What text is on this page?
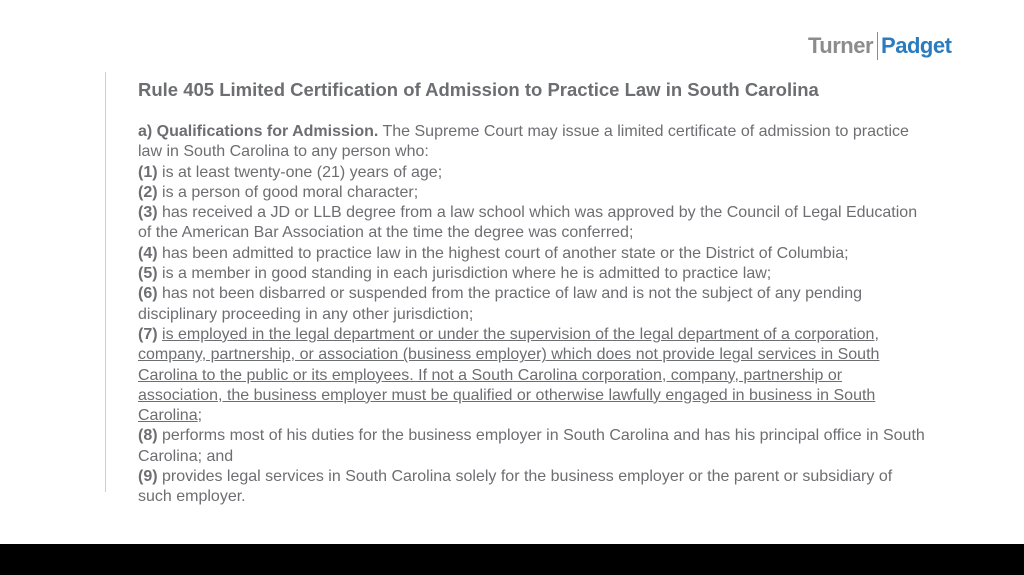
Turner Padget
Rule 405 Limited Certification of Admission to Practice Law in South Carolina

a) Qualifications for Admission. The Supreme Court may issue a limited certificate of admission to practice law in South Carolina to any person who:

(1) is at least twenty-one (21) years of age;

(2) is a person of good moral character;

(3) has received a JD or LLB degree from a law school which was approved by the Council of Legal Education of the American Bar Association at the time the degree was conferred;

(4) has been admitted to practice law in the highest court of another state or the District of Columbia;

(5) is a member in good standing in each jurisdiction where he is admitted to practice law;

(6) has not been disbarred or suspended from the practice of law and is not the subject of any pending disciplinary proceeding in any other jurisdiction;

(7) is employed in the legal department or under the supervision of the legal department of a corporation, company, partnership, or association (business employer) which does not provide legal services in South Carolina to the public or its employees. If not a South Carolina corporation, company, partnership or association, the business employer must be qualified or otherwise lawfully engaged in business in South Carolina;

(8) performs most of his duties for the business employer in South Carolina and has his principal office in South Carolina; and

(9) provides legal services in South Carolina solely for the business employer or the parent or subsidiary of such employer.
